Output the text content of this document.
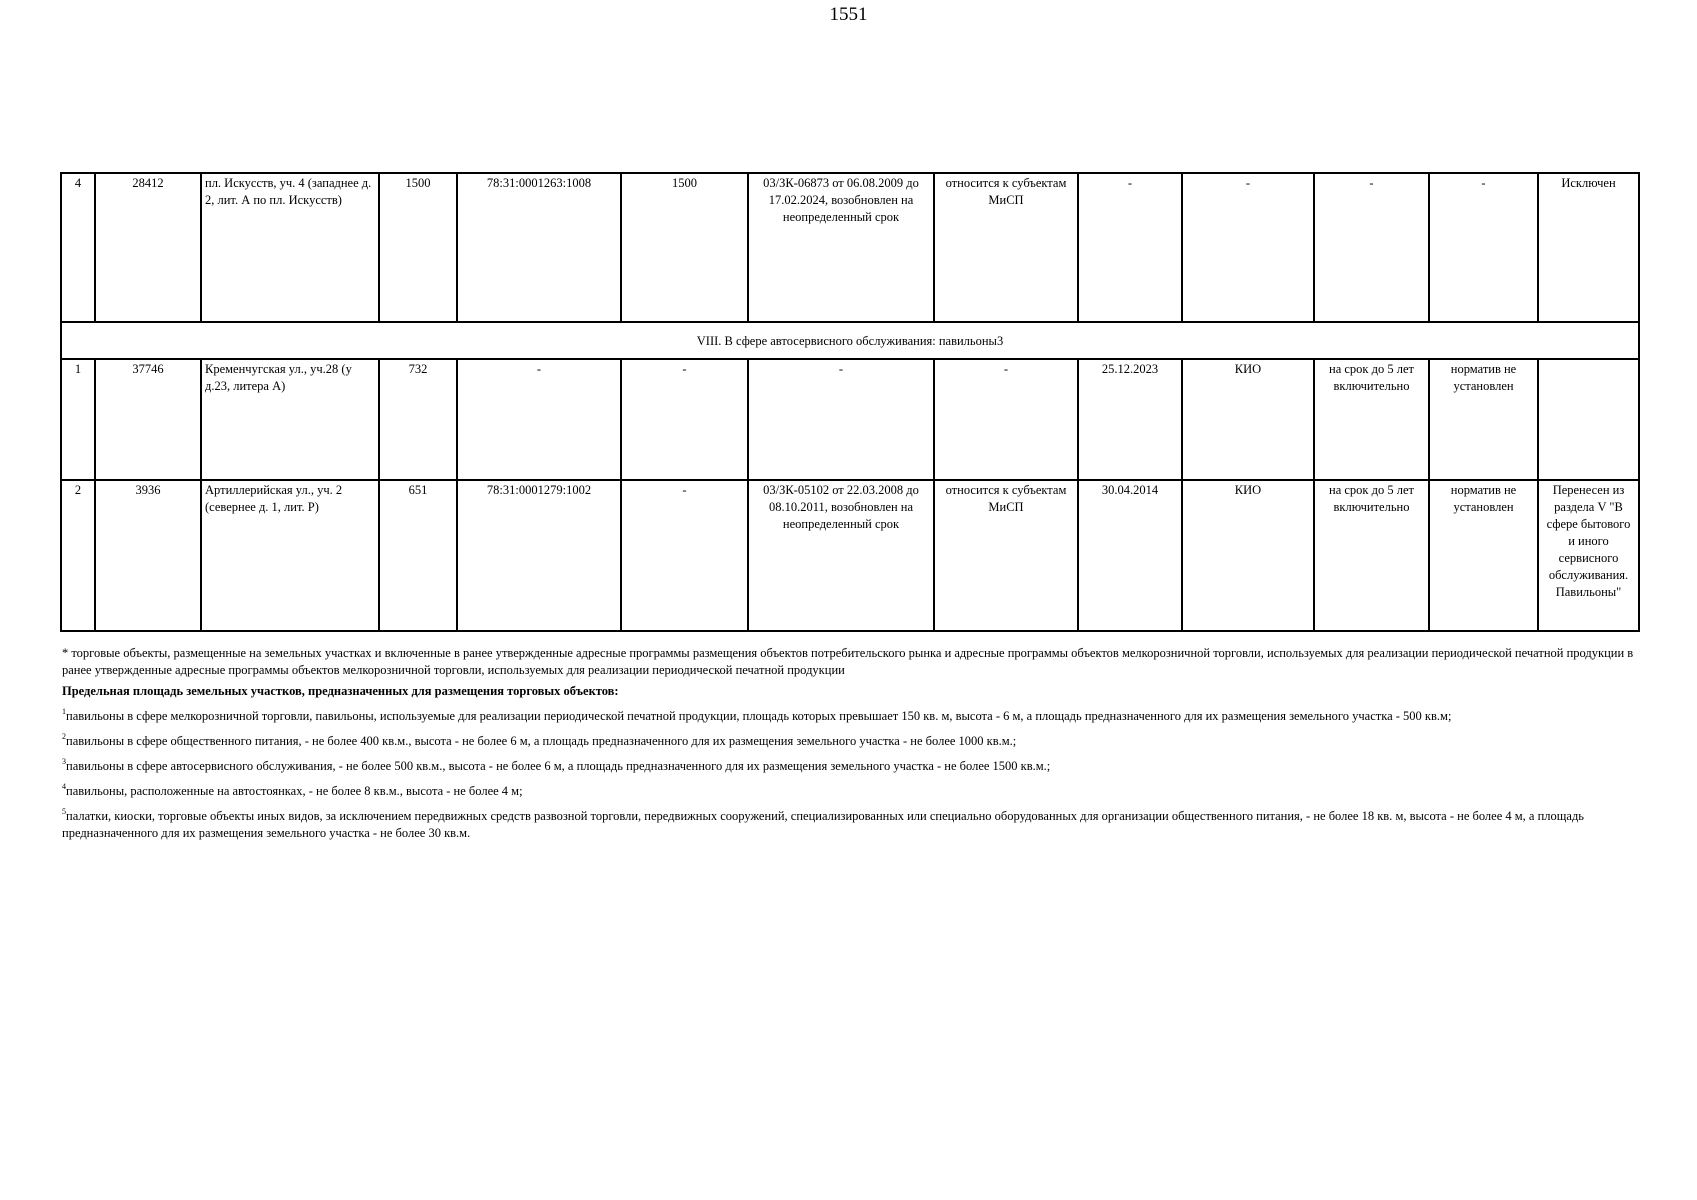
1551
4	28412	пл. Искусств, уч. 4 (западнее д. 2, лит. А по пл. Искусств)	1500	78:31:0001263:1008	1500	03/ЗК-06873 от 06.08.2009 до 17.02.2024, возобновлен на неопределенный срок	относится к субъектам МиСП	-	-	-	-	Исключен
VIII. В сфере автосервисного обслуживания: павильоны3												
1	37746	Кременчугская ул., уч.28 (у д.23, литера А)	732	-	-	-	-	25.12.2023	КИО	на срок до 5 лет включительно	норматив не установлен	
2	3936	Артиллерийская ул., уч. 2 (севернее д. 1, лит. Р)	651	78:31:0001279:1002	-	03/ЗК-05102 от 22.03.2008 до 08.10.2011, возобновлен на неопределенный срок	относится к субъектам МиСП	30.04.2014	КИО	на срок до 5 лет включительно	норматив не установлен	Перенесен из раздела V "В сфере бытового и иного сервисного обслуживания. Павильоны"

* торговые объекты, размещенные на земельных участках и включенные в ранее утвержденные адресные программы размещения объектов потребительского рынка и адресные программы объектов мелкорозничной торговли, используемых для реализации периодической печатной продукции в ранее утвержденные адресные программы объектов мелкорозничной торговли, используемых для реализации периодической печатной продукции

Предельная площадь земельных участков, предназначенных для размещения торговых объектов:

$^1$павильоны в сфере мелкорозничной торговли, павильоны, используемые для реализации периодической печатной продукции, площадь которых превышает 150 кв. м, высота - 6 м, а площадь предназначенного для их размещения земельного участка - 500 кв.м;

$^2$павильоны в сфере общественного питания, - не более 400 кв.м., высота - не более 6 м, а площадь предназначенного для их размещения земельного участка - не более 1000 кв.м.;

$^3$павильоны в сфере автосервисного обслуживания, - не более 500 кв.м., высота - не более 6 м, а площадь предназначенного для их размещения земельного участка - не более 1500 кв.м.;

$^4$павильоны, расположенные на автостоянках, - не более 8 кв.м., высота - не более 4 м;

$^5$палатки, киоски, торговые объекты иных видов, за исключением передвижных средств развозной торговли, передвижных сооружений, специализированных или специально оборудованных для организации общественного питания, - не более 18 кв. м, высота - не более 4 м, а площадь предназначенного для их размещения земельного участка - не более 30 кв.м.
